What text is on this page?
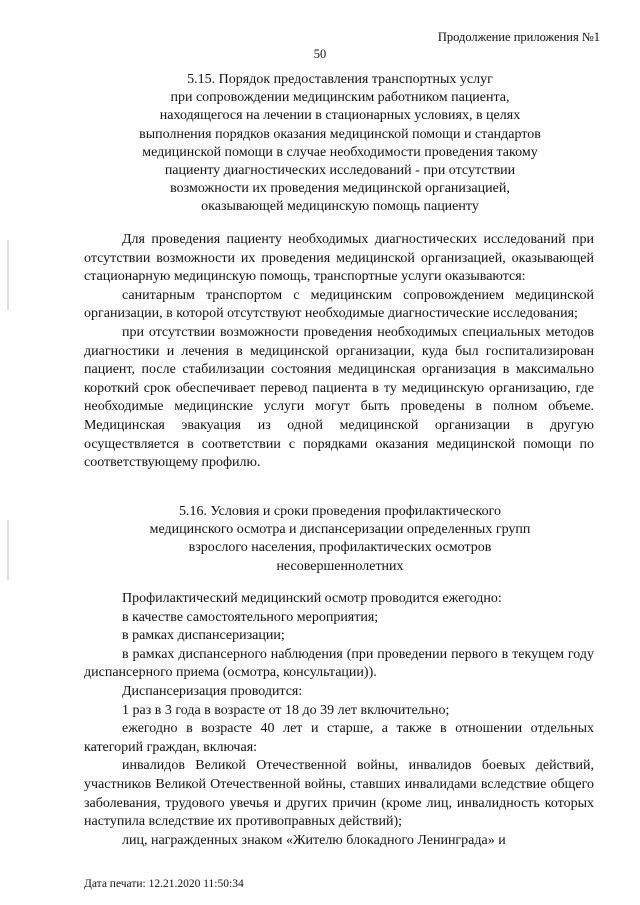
Продолжение приложения №1
50
5.15. Порядок предоставления транспортных услуг
при сопровождении медицинским работником пациента,
находящегося на лечении в стационарных условиях, в целях
выполнения порядков оказания медицинской помощи и стандартов
медицинской помощи в случае необходимости проведения такому
пациенту диагностических исследований - при отсутствии
возможности их проведения медицинской организацией,
оказывающей медицинскую помощь пациенту

Для проведения пациенту необходимых диагностических исследований при отсутствии возможности их проведения медицинской организацией, оказывающей стационарную медицинскую помощь, транспортные услуги оказываются:

санитарным транспортом с медицинским сопровождением медицинской организации, в которой отсутствуют необходимые диагностические исследования;

при отсутствии возможности проведения необходимых специальных методов диагностики и лечения в медицинской организации, куда был госпитализирован пациент, после стабилизации состояния медицинская организация в максимально короткий срок обеспечивает перевод пациента в ту медицинскую организацию, где необходимые медицинские услуги могут быть проведены в полном объеме. Медицинская эвакуация из одной медицинской организации в другую осуществляется в соответствии с порядками оказания медицинской помощи по соответствующему профилю.

5.16. Условия и сроки проведения профилактического
медицинского осмотра и диспансеризации определенных групп
взрослого населения, профилактических осмотров
несовершеннолетних

Профилактический медицинский осмотр проводится ежегодно:

в качестве самостоятельного мероприятия;

в рамках диспансеризации;

в рамках диспансерного наблюдения (при проведении первого в текущем году диспансерного приема (осмотра, консультации)).

Диспансеризация проводится:

1 раз в 3 года в возрасте от 18 до 39 лет включительно;

ежегодно в возрасте 40 лет и старше, а также в отношении отдельных категорий граждан, включая:

инвалидов Великой Отечественной войны, инвалидов боевых действий, участников Великой Отечественной войны, ставших инвалидами вследствие общего заболевания, трудового увечья и других причин (кроме лиц, инвалидность которых наступила вследствие их противоправных действий);

лиц, награжденных знаком «Жителю блокадного Ленинграда» и

Дата печати: 12.21.2020 11:50:34
